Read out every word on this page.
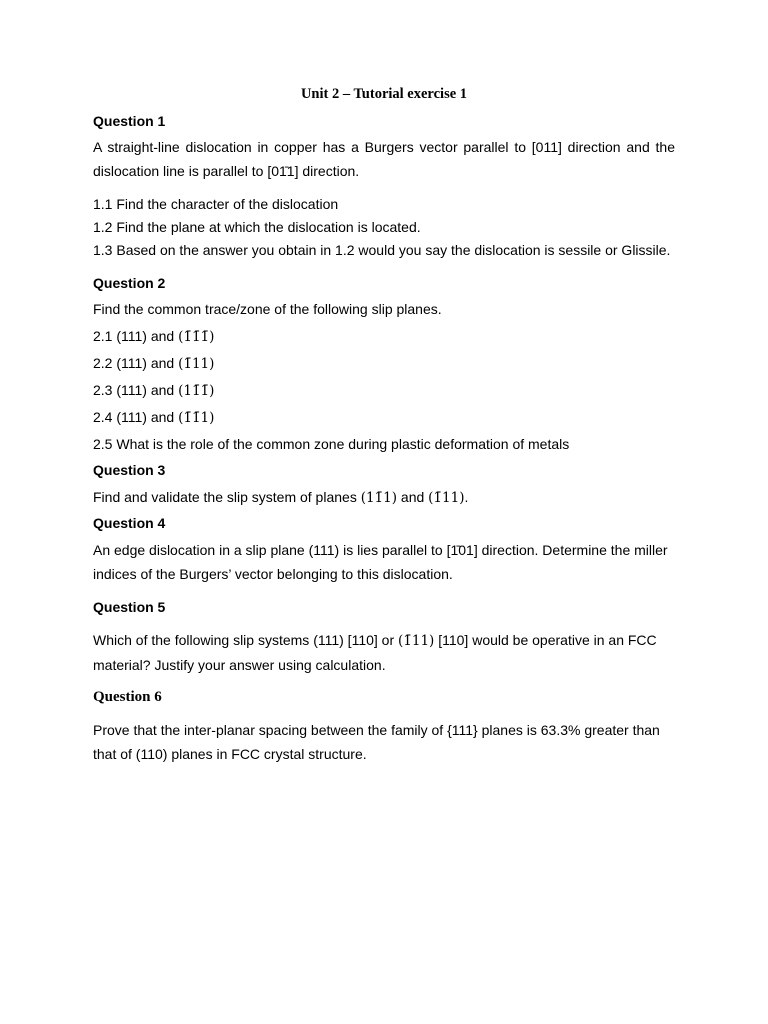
Unit 2 – Tutorial exercise 1
Question 1
A straight-line dislocation in copper has a Burgers vector parallel to [011] direction and the dislocation line is parallel to [01̄1] direction.
1.1 Find the character of the dislocation
1.2 Find the plane at which the dislocation is located.
1.3 Based on the answer you obtain in 1.2 would you say the dislocation is sessile or Glissile.
Question 2
Find the common trace/zone of the following slip planes.
2.1 (111) and (1̄1̄1̄)
2.2 (111) and (1̄11)
2.3 (111) and (11̄1̄)
2.4 (111) and (1̄1̄1)
2.5 What is the role of the common zone during plastic deformation of metals
Question 3
Find and validate the slip system of planes (11̄1) and (1̄11).
Question 4
An edge dislocation in a slip plane (111) is lies parallel to [1̄01] direction. Determine the miller indices of the Burgers’ vector belonging to this dislocation.
Question 5
Which of the following slip systems (111) [110] or (1̄11) [110] would be operative in an FCC material? Justify your answer using calculation.
Question 6
Prove that the inter-planar spacing between the family of {111} planes is 63.3% greater than that of (110) planes in FCC crystal structure.
